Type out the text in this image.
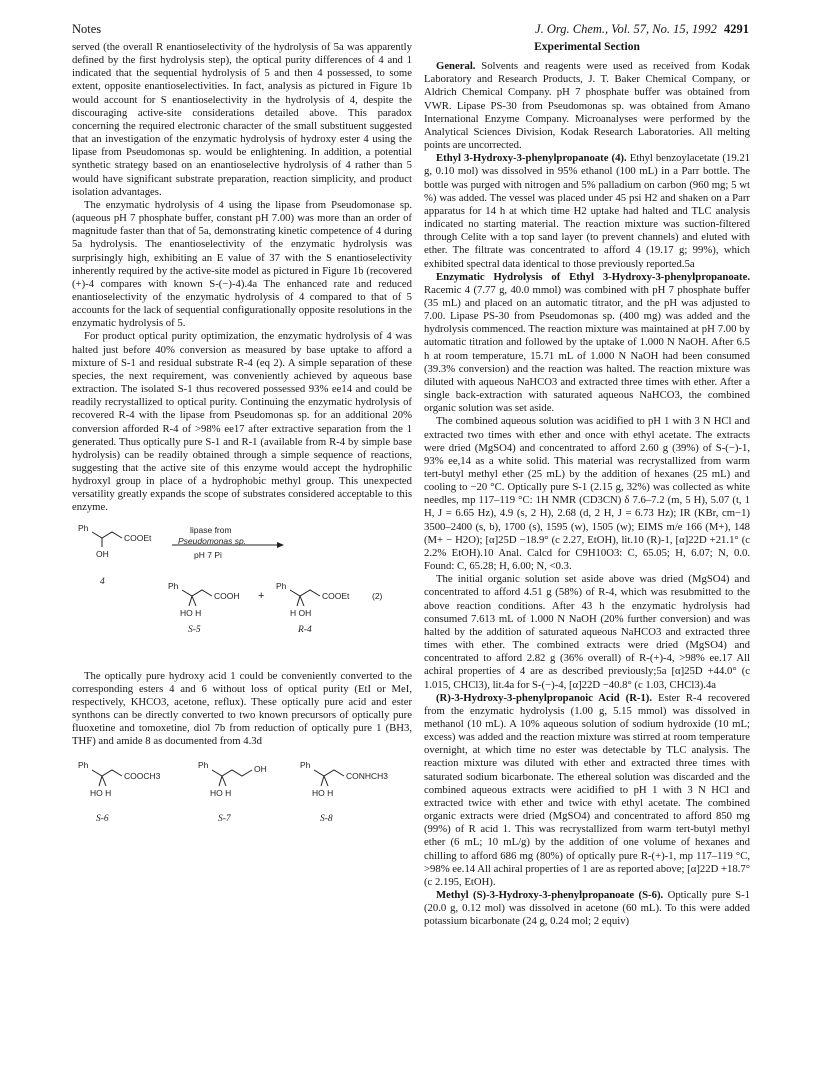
Notes	J. Org. Chem., Vol. 57, No. 15, 1992 4291

served (the overall R enantioselectivity of the hydrolysis of 5a was apparently defined by the first hydrolysis step), the optical purity differences of 4 and 1 indicated that the sequential hydrolysis of 5 and then 4 possessed, to some extent, opposite enantioselectivities. In fact, analysis as pictured in Figure 1b would account for S enantioselectivity in the hydrolysis of 4, despite the discouraging active-site considerations detailed above. This paradox concerning the required electronic character of the small substituent suggested that an investigation of the enzymatic hydrolysis of hydroxy ester 4 using the lipase from Pseudomonas sp. would be enlightening. In addition, a potential synthetic strategy based on an enantioselective hydrolysis of 4 rather than 5 would have significant substrate preparation, reaction simplicity, and product isolation advantages.

The enzymatic hydrolysis of 4 using the lipase from Pseudomonase sp. (aqueous pH 7 phosphate buffer, constant pH 7.00) was more than an order of magnitude faster than that of 5a, demonstrating kinetic competence of 4 during 5a hydrolysis. The enantioselectivity of the enzymatic hydrolysis was surprisingly high, exhibiting an E value of 37 with the S enantioselectivity inherently required by the active-site model as pictured in Figure 1b (recovered (+)-4 compares with known S-(−)-4).4a The enhanced rate and reduced enantioselectivity of the enzymatic hydrolysis of 4 compared to that of 5 accounts for the lack of sequential configurationally opposite resolutions in the enzymatic hydrolysis of 5.

For product optical purity optimization, the enzymatic hydrolysis of 4 was halted just before 40% conversion as measured by base uptake to afford a mixture of S-1 and residual substrate R-4 (eq 2). A simple separation of these species, the next requirement, was conveniently achieved by aqueous base extraction. The isolated S-1 thus recovered possessed 93% ee14 and could be readily recrystallized to optical purity. Continuing the enzymatic hydrolysis of recovered R-4 with the lipase from Pseudomonas sp. for an additional 20% conversion afforded R-4 of >98% ee17 after extractive separation from the 1 generated. Thus optically pure S-1 and R-1 (available from R-4 by simple base hydrolysis) can be readily obtained through a simple sequence of reactions, suggesting that the active site of this enzyme would accept the hydrophilic hydroxyl group in place of a hydrophobic methyl group. This unexpected versatility greatly expands the scope of substrates considered acceptable to this enzyme.

Ph
COOEt
OH
4
lipase from
Pseudomonas sp.
pH 7 Pi
Ph
COOH
HO H
S-5
+
Ph
COOEt
H OH
R-4
(2)

The optically pure hydroxy acid 1 could be conveniently converted to the corresponding esters 4 and 6 without loss of optical purity (EtI or MeI, respectively, KHCO3, acetone, reflux). These optically pure acid and ester synthons can be directly converted to two known precursors of optically pure fluoxetine and tomoxetine, diol 7b from reduction of optically pure 1 (BH3, THF) and amide 8 as documented from 4.3d

Ph
COOCH3
HO H
S-6
Ph	OH
HO H
S-7
Ph
CONHCH3
HO H
S-8
Experimental Section

General. Solvents and reagents were used as received from Kodak Laboratory and Research Products, J. T. Baker Chemical Company, or Aldrich Chemical Company. pH 7 phosphate buffer was obtained from VWR. Lipase PS-30 from Pseudomonas sp. was obtained from Amano International Enzyme Company. Microanalyses were performed by the Analytical Sciences Division, Kodak Research Laboratories. All melting points are uncorrected.

Ethyl 3-Hydroxy-3-phenylpropanoate (4). Ethyl benzoylacetate (19.21 g, 0.10 mol) was dissolved in 95% ethanol (100 mL) in a Parr bottle. The bottle was purged with nitrogen and 5% palladium on carbon (960 mg; 5 wt %) was added. The vessel was placed under 45 psi H2 and shaken on a Parr apparatus for 14 h at which time H2 uptake had halted and TLC analysis indicated no starting material. The reaction mixture was suction-filtered through Celite with a top sand layer (to prevent channels) and eluted with ether. The filtrate was concentrated to afford 4 (19.17 g; 99%), which exhibited spectral data identical to those previously reported.5a

Enzymatic Hydrolysis of Ethyl 3-Hydroxy-3-phenylpropanoate. Racemic 4 (7.77 g, 40.0 mmol) was combined with pH 7 phosphate buffer (35 mL) and placed on an automatic titrator, and the pH was adjusted to 7.00. Lipase PS-30 from Pseudomonas sp. (400 mg) was added and the hydrolysis commenced. The reaction mixture was maintained at pH 7.00 by automatic titration and followed by the uptake of 1.000 N NaOH. After 6.5 h at room temperature, 15.71 mL of 1.000 N NaOH had been consumed (39.3% conversion) and the reaction was halted. The reaction mixture was diluted with aqueous NaHCO3 and extracted three times with ether. After a single back-extraction with saturated aqueous NaHCO3, the combined organic solution was set aside.

The combined aqueous solution was acidified to pH 1 with 3 N HCl and extracted two times with ether and once with ethyl acetate. The extracts were dried (MgSO4) and concentrated to afford 2.60 g (39%) of S-(−)-1, 93% ee,14 as a white solid. This material was recrystallized from warm tert-butyl methyl ether (25 mL) by the addition of hexanes (25 mL) and cooling to −20 °C. Optically pure S-1 (2.15 g, 32%) was collected as white needles, mp 117–119 °C: 1H NMR (CD3CN) δ 7.6–7.2 (m, 5 H), 5.07 (t, 1 H, J = 6.65 Hz), 4.9 (s, 2 H), 2.68 (d, 2 H, J = 6.73 Hz); IR (KBr, cm−1) 3500–2400 (s, b), 1700 (s), 1595 (w), 1505 (w); EIMS m/e 166 (M+), 148 (M+ − H2O); [α]25D −18.9° (c 2.27, EtOH), lit.10 (R)-1, [α]22D +21.1° (c 2.2% EtOH).10 Anal. Calcd for C9H10O3: C, 65.05; H, 6.07; N, 0.0. Found: C, 65.28; H, 6.00; N, <0.3.

The initial organic solution set aside above was dried (MgSO4) and concentrated to afford 4.51 g (58%) of R-4, which was resubmitted to the above reaction conditions. After 43 h the enzymatic hydrolysis had consumed 7.613 mL of 1.000 N NaOH (20% further conversion) and was halted by the addition of saturated aqueous NaHCO3 and extracted three times with ether. The combined extracts were dried (MgSO4) and concentrated to afford 2.82 g (36% overall) of R-(+)-4, >98% ee.17 All achiral properties of 4 are as described previously;5a [α]25D +44.0° (c 1.015, CHCl3), lit.4a for S-(−)-4, [α]22D −40.8° (c 1.03, CHCl3).4a

(R)-3-Hydroxy-3-phenylpropanoic Acid (R-1). Ester R-4 recovered from the enzymatic hydrolysis (1.00 g, 5.15 mmol) was dissolved in methanol (10 mL). A 10% aqueous solution of sodium hydroxide (10 mL; excess) was added and the reaction mixture was stirred at room temperature overnight, at which time no ester was detectable by TLC analysis. The reaction mixture was diluted with ether and extracted three times with saturated sodium bicarbonate. The ethereal solution was discarded and the combined aqueous extracts were acidified to pH 1 with 3 N HCl and extracted twice with ether and twice with ethyl acetate. The combined organic extracts were dried (MgSO4) and concentrated to afford 850 mg (99%) of R acid 1. This was recrystallized from warm tert-butyl methyl ether (6 mL; 10 mL/g) by the addition of one volume of hexanes and chilling to afford 686 mg (80%) of optically pure R-(+)-1, mp 117–119 °C, >98% ee.14 All achiral properties of 1 are as reported above; [α]22D +18.7° (c 2.195, EtOH).

Methyl (S)-3-Hydroxy-3-phenylpropanoate (S-6). Optically pure S-1 (20.0 g, 0.12 mol) was dissolved in acetone (60 mL). To this were added potassium bicarbonate (24 g, 0.24 mol; 2 equiv)
